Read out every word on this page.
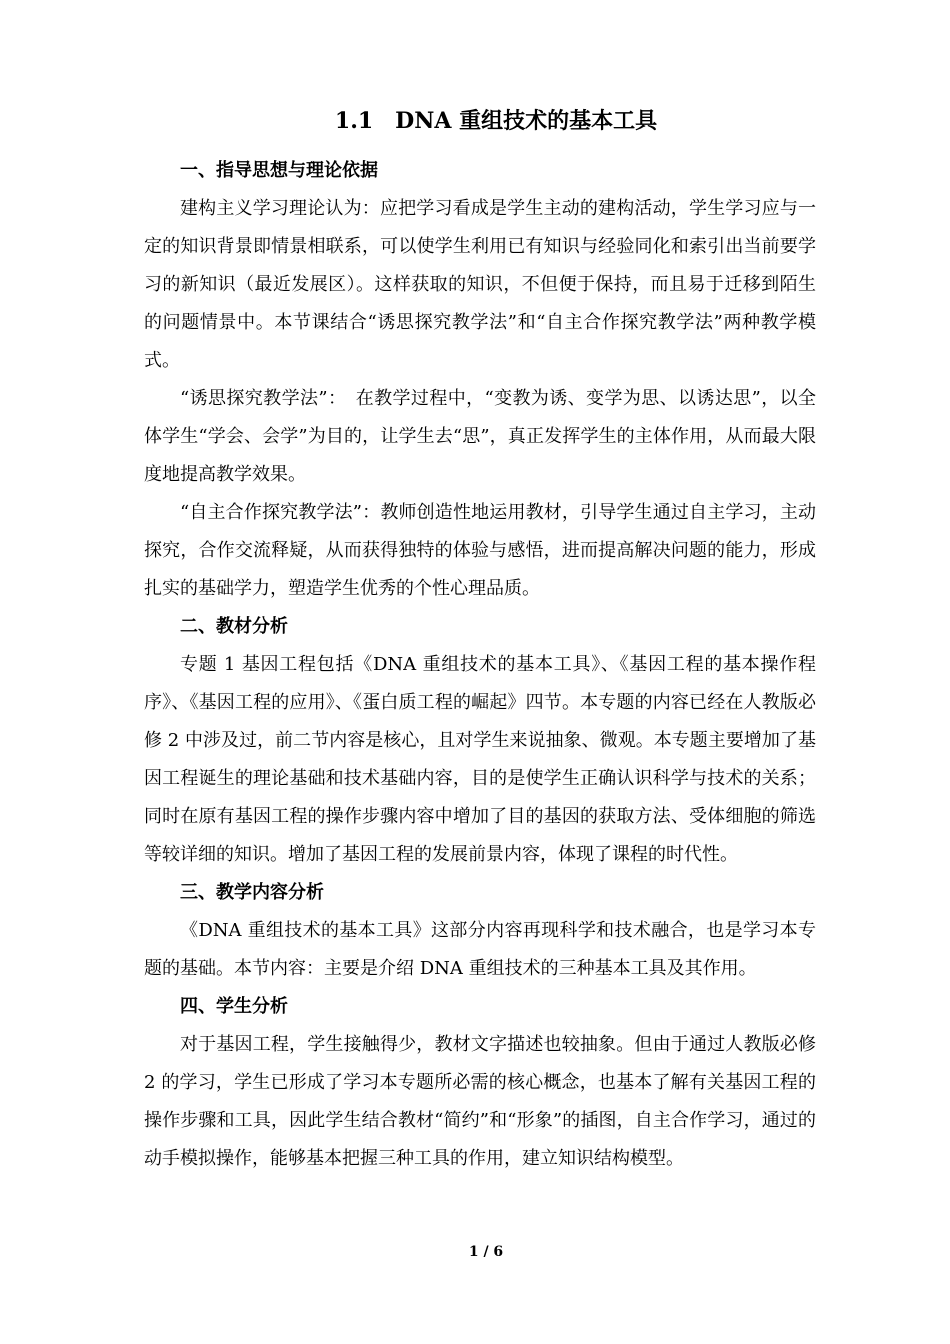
1.1　DNA 重组技术的基本工具

一、指导思想与理论依据

建构主义学习理论认为：应把学习看成是学生主动的建构活动，学生学习应与一定的知识背景即情景相联系，可以使学生利用已有知识与经验同化和索引出当前要学习的新知识（最近发展区）。这样获取的知识，不但便于保持，而且易于迁移到陌生的问题情景中。本节课结合“诱思探究教学法”和“自主合作探究教学法”两种教学模式。

“诱思探究教学法”：　在教学过程中，“变教为诱、变学为思、以诱达思”，以全体学生“学会、会学”为目的，让学生去“思”，真正发挥学生的主体作用，从而最大限度地提高教学效果。

“自主合作探究教学法”：教师创造性地运用教材，引导学生通过自主学习，主动探究，合作交流释疑，从而获得独特的体验与感悟，进而提高解决问题的能力，形成扎实的基础学力，塑造学生优秀的个性心理品质。

二、教材分析

专题 1 基因工程包括《DNA 重组技术的基本工具》、《基因工程的基本操作程序》、《基因工程的应用》、《蛋白质工程的崛起》四节。本专题的内容已经在人教版必修 2 中涉及过，前二节内容是核心，且对学生来说抽象、微观。本专题主要增加了基因工程诞生的理论基础和技术基础内容，目的是使学生正确认识科学与技术的关系；同时在原有基因工程的操作步骤内容中增加了目的基因的获取方法、受体细胞的筛选等较详细的知识。增加了基因工程的发展前景内容，体现了课程的时代性。

三、教学内容分析

《DNA 重组技术的基本工具》这部分内容再现科学和技术融合，也是学习本专题的基础。本节内容：主要是介绍 DNA 重组技术的三种基本工具及其作用。

四、学生分析

对于基因工程，学生接触得少，教材文字描述也较抽象。但由于通过人教版必修 2 的学习，学生已形成了学习本专题所必需的核心概念，也基本了解有关基因工程的操作步骤和工具，因此学生结合教材“简约”和“形象”的插图，自主合作学习，通过的动手模拟操作，能够基本把握三种工具的作用，建立知识结构模型。

1 / 6
